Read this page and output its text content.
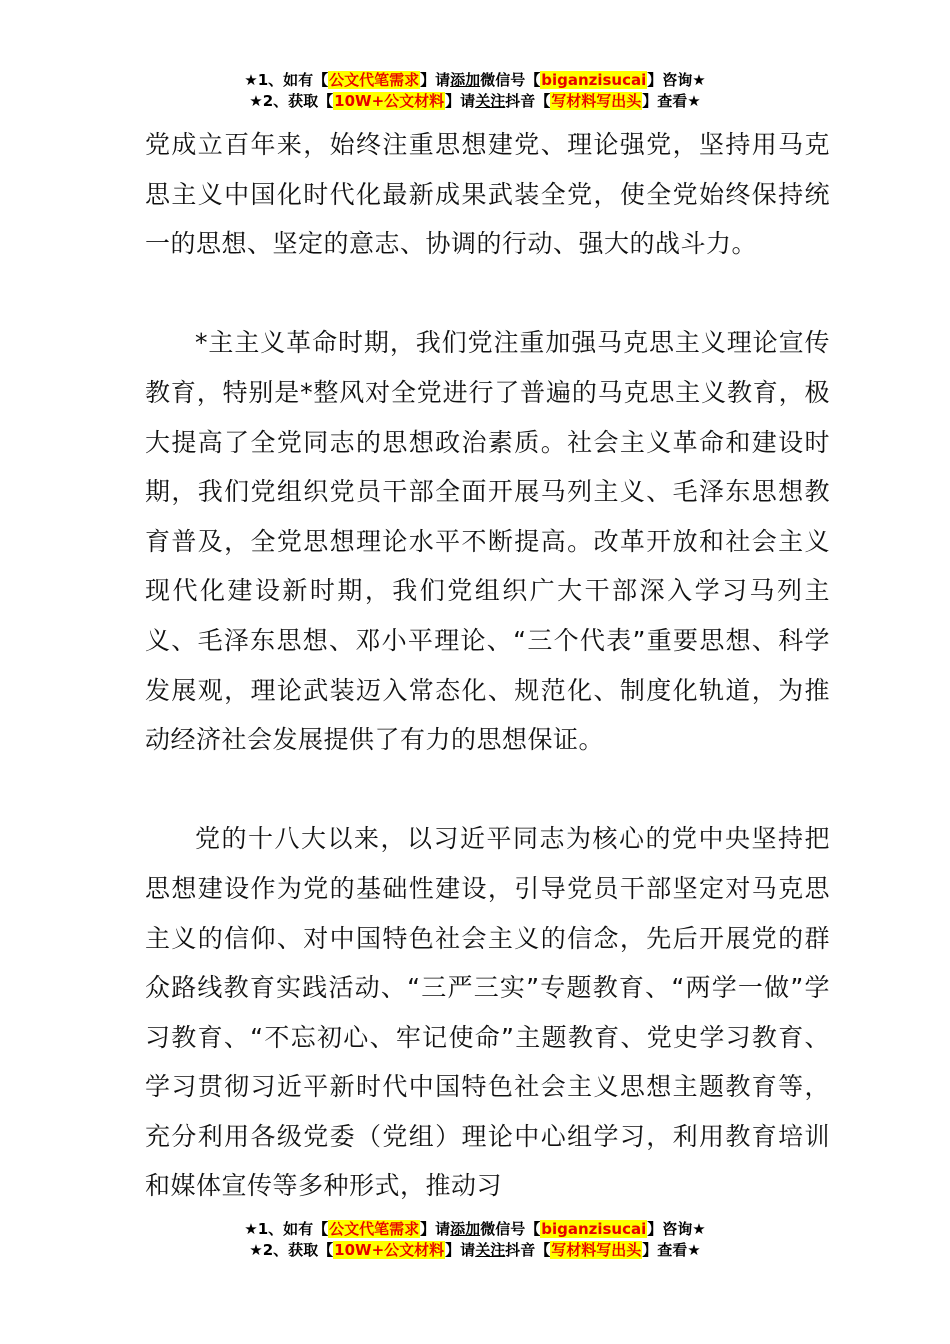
★1、如有【公文代笔需求】请添加微信号【biganzisucai】咨询★
★2、获取【10W+公文材料】请关注抖音【写材料写出头】查看★

党成立百年来，始终注重思想建党、理论强党，坚持用马克思主义中国化时代化最新成果武装全党，使全党始终保持统一的思想、坚定的意志、协调的行动、强大的战斗力。

*主主义革命时期，我们党注重加强马克思主义理论宣传教育，特别是*整风对全党进行了普遍的马克思主义教育，极大提高了全党同志的思想政治素质。社会主义革命和建设时期，我们党组织党员干部全面开展马列主义、毛泽东思想教育普及，全党思想理论水平不断提高。改革开放和社会主义现代化建设新时期，我们党组织广大干部深入学习马列主义、毛泽东思想、邓小平理论、“三个代表”重要思想、科学发展观，理论武装迈入常态化、规范化、制度化轨道，为推动经济社会发展提供了有力的思想保证。

党的十八大以来，以习近平同志为核心的党中央坚持把思想建设作为党的基础性建设，引导党员干部坚定对马克思主义的信仰、对中国特色社会主义的信念，先后开展党的群众路线教育实践活动、“三严三实”专题教育、“两学一做”学习教育、“不忘初心、牢记使命”主题教育、党史学习教育、学习贯彻习近平新时代中国特色社会主义思想主题教育等，充分利用各级党委（党组）理论中心组学习，利用教育培训和媒体宣传等多种形式，推动习

★1、如有【公文代笔需求】请添加微信号【biganzisucai】咨询★
★2、获取【10W+公文材料】请关注抖音【写材料写出头】查看★
